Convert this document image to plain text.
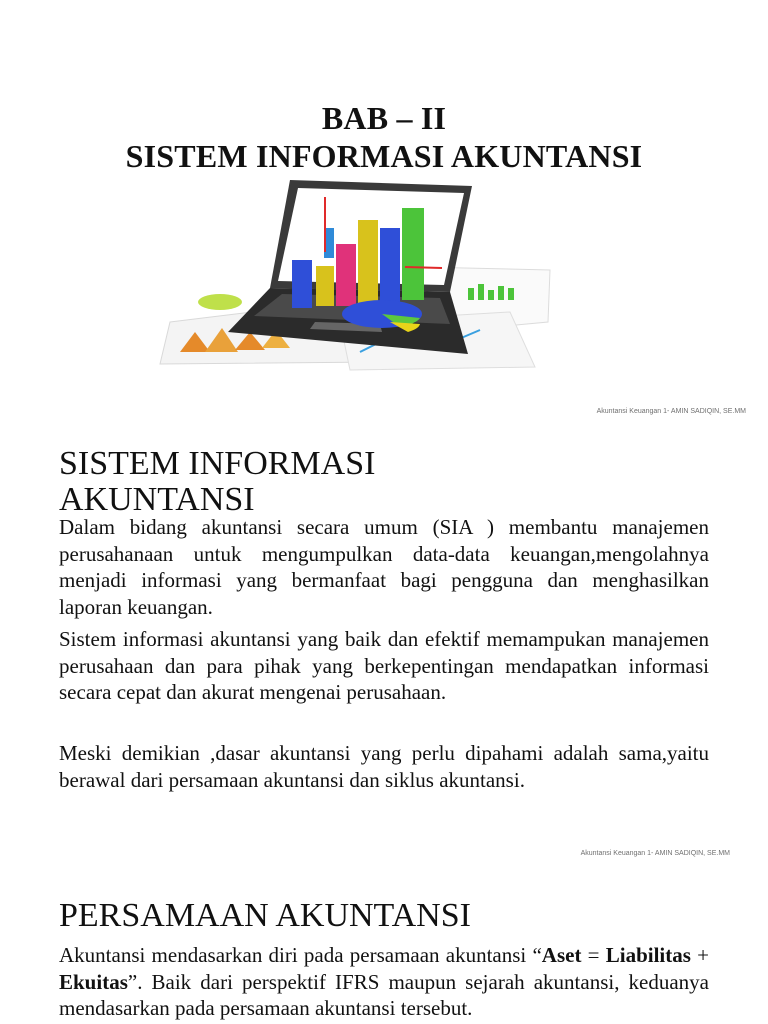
BAB – II
SISTEM INFORMASI AKUNTANSI
Akuntansi Keuangan 1- AMIN SADIQIN, SE.MM
SISTEM INFORMASI AKUNTANSI
Dalam bidang akuntansi secara umum (SIA ) membantu manajemen perusahanaan untuk mengumpulkan data-data keuangan,mengolahnya menjadi informasi yang bermanfaat bagi pengguna dan menghasilkan laporan keuangan.
Sistem informasi akuntansi yang baik dan efektif memampukan manajemen perusahaan dan para pihak yang berkepentingan mendapatkan informasi secara cepat dan akurat mengenai perusahaan.
Meski demikian ,dasar akuntansi yang perlu dipahami adalah sama,yaitu berawal dari persamaan akuntansi dan siklus akuntansi.
Akuntansi Keuangan 1- AMIN SADIQIN, SE.MM
PERSAMAAN AKUNTANSI
Akuntansi mendasarkan diri pada persamaan akuntansi “Aset = Liabilitas + Ekuitas”. Baik dari perspektif IFRS maupun sejarah akuntansi, keduanya mendasarkan pada persamaan akuntansi tersebut.
